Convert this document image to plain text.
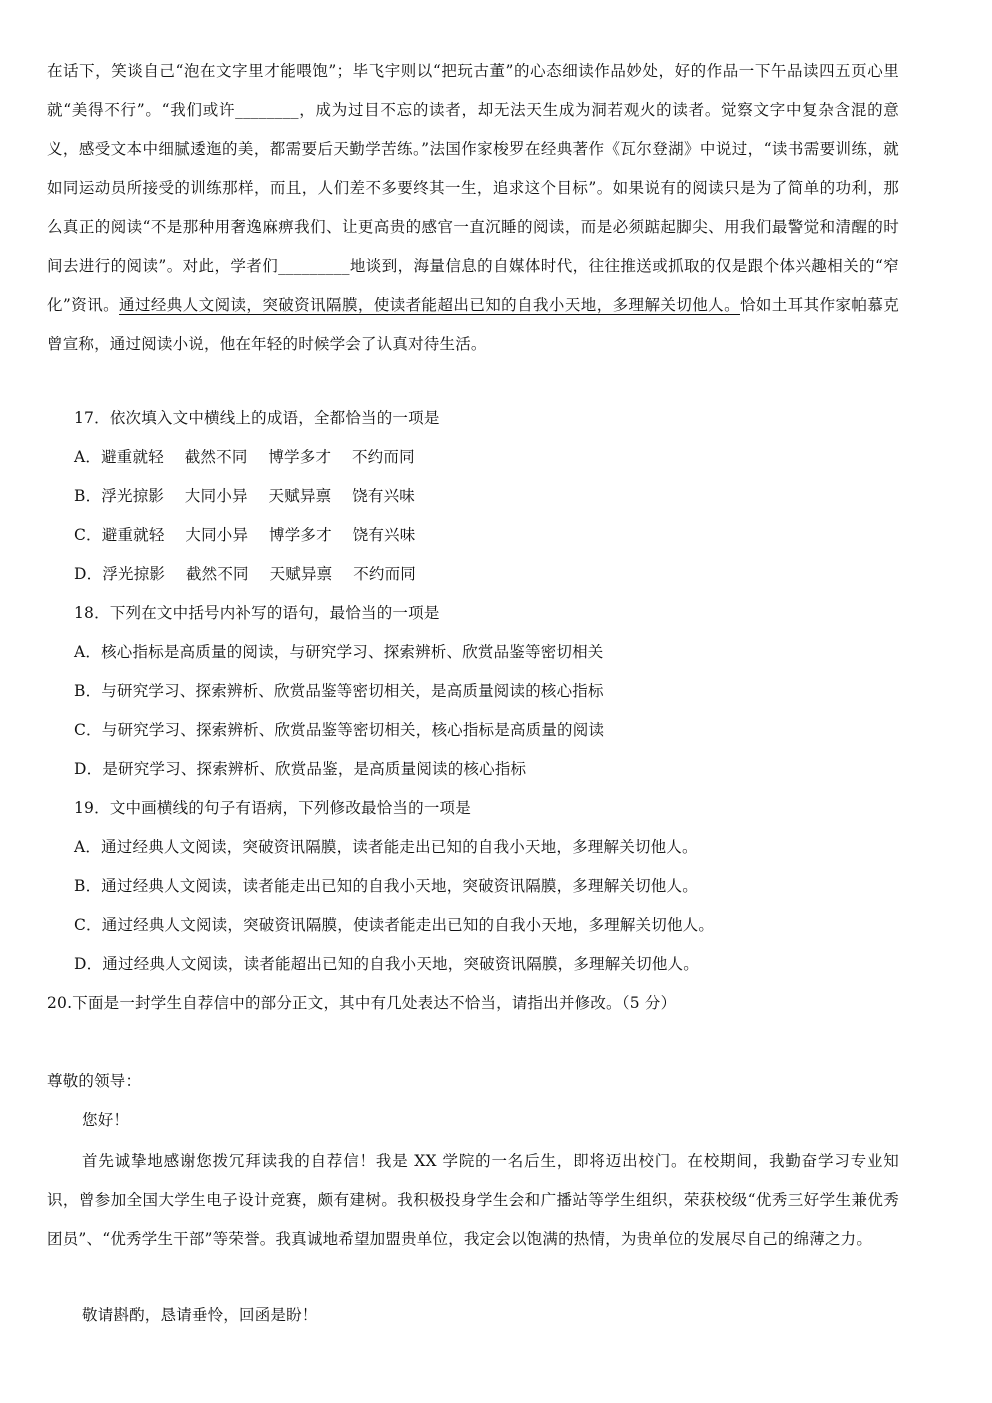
在话下，笑谈自己“泡在文字里才能喂饱”；毕飞宇则以“把玩古董”的心态细读作品妙处，好的作品一下午品读四五页心里就“美得不行”。“我们或许________，成为过目不忘的读者，却无法天生成为洞若观火的读者。觉察文字中复杂含混的意义，感受文本中细腻逶迤的美，都需要后天勤学苦练。”法国作家梭罗在经典著作《瓦尔登湖》中说过，“读书需要训练，就如同运动员所接受的训练那样，而且，人们差不多要终其一生，追求这个目标”。如果说有的阅读只是为了简单的功利，那么真正的阅读“不是那种用奢逸麻痹我们、让更高贵的感官一直沉睡的阅读，而是必须踮起脚尖、用我们最警觉和清醒的时间去进行的阅读”。对此，学者们_________地谈到，海量信息的自媒体时代，往往推送或抓取的仅是跟个体兴趣相关的“窄化”资讯。通过经典人文阅读，突破资讯隔膜，使读者能超出已知的自我小天地，多理解关切他人。恰如土耳其作家帕慕克曾宣称，通过阅读小说，他在年轻的时候学会了认真对待生活。
17．依次填入文中横线上的成语，全都恰当的一项是
A．避重就轻　 截然不同　 博学多才　 不约而同
B．浮光掠影　 大同小异　 天赋异禀　 饶有兴味
C．避重就轻　 大同小异　 博学多才　 饶有兴味
D．浮光掠影　 截然不同　 天赋异禀　 不约而同
18．下列在文中括号内补写的语句，最恰当的一项是
A．核心指标是高质量的阅读，与研究学习、探索辨析、欣赏品鉴等密切相关
B．与研究学习、探索辨析、欣赏品鉴等密切相关，是高质量阅读的核心指标
C．与研究学习、探索辨析、欣赏品鉴等密切相关，核心指标是高质量的阅读
D．是研究学习、探索辨析、欣赏品鉴，是高质量阅读的核心指标
19．文中画横线的句子有语病，下列修改最恰当的一项是
A．通过经典人文阅读，突破资讯隔膜，读者能走出已知的自我小天地，多理解关切他人。
B．通过经典人文阅读，读者能走出已知的自我小天地，突破资讯隔膜，多理解关切他人。
C．通过经典人文阅读，突破资讯隔膜，使读者能走出已知的自我小天地，多理解关切他人。
D．通过经典人文阅读，读者能超出已知的自我小天地，突破资讯隔膜，多理解关切他人。
20.下面是一封学生自荐信中的部分正文，其中有几处表达不恰当，请指出并修改。（5 分）
尊敬的领导：
您好！
首先诚挚地感谢您拨冗拜读我的自荐信！我是 XX 学院的一名后生，即将迈出校门。在校期间，我勤奋学习专业知识，曾参加全国大学生电子设计竞赛，颇有建树。我积极投身学生会和广播站等学生组织，荣获校级“优秀三好学生兼优秀团员”、“优秀学生干部”等荣誉。我真诚地希望加盟贵单位，我定会以饱满的热情，为贵单位的发展尽自己的绵薄之力。
敬请斟酌，恳请垂怜，回函是盼！
